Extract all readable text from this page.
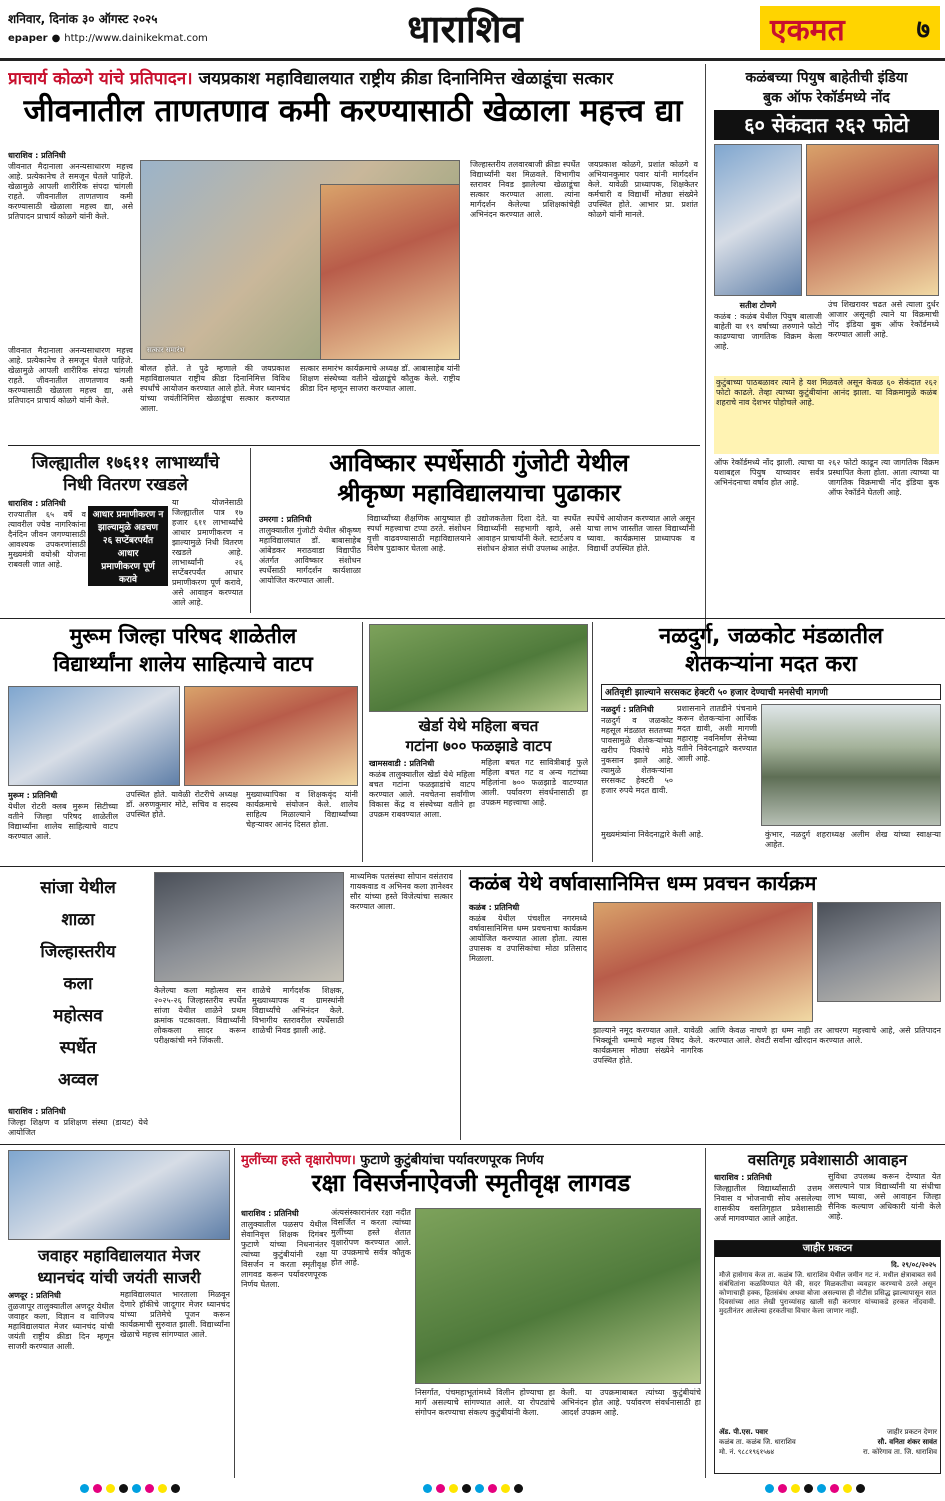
शनिवार, दिनांक ३० ऑगस्ट २०२५
epaper ● http://www.dainikekmat.com	धाराशिव	एकमत	७
प्राचार्य कोळगे यांचे प्रतिपादन। जयप्रकाश महाविद्यालयात राष्ट्रीय क्रीडा दिनानिमित्त खेळाडूंचा सत्कार
जीवनातील ताणतणाव कमी करण्यासाठी खेळाला महत्त्व द्या
धाराशिव : प्रतिनिधी
जीवनात मैदानाला अनन्यसाधारण महत्त्व आहे. प्रत्येकानेच ते समजून घेतले पाहिजे. खेळामुळे आपली शारीरिक संपदा चांगली राहते. जीवनातील ताणतणाव कमी करण्यासाठी खेळाला महत्त्व द्या, असे प्रतिपादन प्राचार्य कोळगे यांनी केले.
सत्कार समारंभ
बोलत होते. ते पुढे म्हणाले की जयप्रकाश महाविद्यालयात राष्ट्रीय क्रीडा दिनानिमित्त विविध स्पर्धांचे आयोजन करण्यात आले होते. मेजर ध्यानचंद यांच्या जयंतीनिमित्त खेळाडूंचा सत्कार करण्यात आला.
सत्कार समारंभ कार्यक्रमाचे अध्यक्ष डॉ. आबासाहेब यांनी शिक्षण संस्थेच्या वतीने खेळाडूंचे कौतुक केले. राष्ट्रीय क्रीडा दिन म्हणून साजरा करण्यात आला.
जिल्हास्तरीय तलवारबाजी क्रीडा स्पर्धेत विद्यार्थ्यांनी यश मिळवले. विभागीय स्तरावर निवड झालेल्या खेळाडूंचा सत्कार करण्यात आला. त्यांना मार्गदर्शन केलेल्या प्रशिक्षकांचेही अभिनंदन करण्यात आले.
जयप्रकाश कोळगे, प्रशांत कोळगे व अभियानकुमार पवार यांनी मार्गदर्शन केले. यावेळी प्राध्यापक, शिक्षकेतर कर्मचारी व विद्यार्थी मोठ्या संख्येने उपस्थित होते. आभार प्रा. प्रशांत कोळगे यांनी मानले.
जीवनात मैदानाला अनन्यसाधारण महत्त्व आहे. प्रत्येकानेच ते समजून घेतले पाहिजे. खेळामुळे आपली शारीरिक संपदा चांगली राहते. जीवनातील ताणतणाव कमी करण्यासाठी खेळाला महत्त्व द्या, असे प्रतिपादन प्राचार्य कोळगे यांनी केले.
कळंबच्या पियुष बाहेतीची इंडिया
बुक ऑफ रेकॉर्डमध्ये नोंद
६० सेकंदात २६२ फोटो
सतीश टोणगे
कळंब : कळंब येथील पियुष बालाजी बाहेती या १९ वर्षाच्या तरुणाने फोटो काढण्याचा जागतिक विक्रम केला आहे.
उंच शिखरावर चढत असे त्याला दुर्धर आजार असूनही त्याने या विक्रमाची नोंद इंडिया बुक ऑफ रेकॉर्डमध्ये करण्यात आली आहे.
कुटुंबाच्या पाठबळावर त्याने हे यश मिळवले असून केवळ ६० सेकंदात २६२ फोटो काढले. तेव्हा त्याच्या कुटुंबीयांना आनंद झाला. या विक्रमामुळे कळंब शहराचे नाव देशभर पोहोचले आहे.
ऑफ रेकॉर्डमध्ये नोंद झाली. त्याचा या यशाबद्दल पियुष याच्यावर सर्वत्र अभिनंदनाचा वर्षाव होत आहे.
२६२ फोटो काढून त्या जागतिक विक्रम प्रस्थापित केला होता. आता त्याच्या या जागतिक विक्रमाची नोंद इंडिया बुक ऑफ रेकॉर्डने घेतली आहे.
जिल्ह्यातील १७६११ लाभार्थ्यांचे
निधी वितरण रखडले
धाराशिव : प्रतिनिधी
राज्यातील ६५ वर्षे व त्यावरील ज्येष्ठ नागरिकांना दैनंदिन जीवन जगण्यासाठी आवश्यक उपकरणांसाठी मुख्यमंत्री वयोश्री योजना राबवली जात आहे.
आधार प्रमाणीकरण न
झाल्यामुळे अडचण
२६ सप्टेंबरपर्यंत आधार
प्रमाणीकरण पूर्ण करावे
या योजनेसाठी जिल्ह्यातील पात्र १७ हजार ६११ लाभार्थ्यांचे आधार प्रमाणीकरण न झाल्यामुळे निधी वितरण रखडले आहे. लाभार्थ्यांनी २६ सप्टेंबरपर्यंत आधार प्रमाणीकरण पूर्ण करावे, असे आवाहन करण्यात आले आहे.
आविष्कार स्पर्धेसाठी गुंजोटी येथील
श्रीकृष्ण महाविद्यालयाचा पुढाकार
उमरगा : प्रतिनिधी
तालुक्यातील गुंजोटी येथील श्रीकृष्ण महाविद्यालयात डॉ. बाबासाहेब आंबेडकर मराठवाडा विद्यापीठ अंतर्गत आविष्कार संशोधन स्पर्धेसाठी मार्गदर्शन कार्यशाळा आयोजित करण्यात आली.
विद्यार्थ्यांच्या शैक्षणिक आयुष्यात ही स्पर्धा महत्त्वाचा टप्पा ठरते. संशोधन वृत्ती वाढवण्यासाठी महाविद्यालयाने विशेष पुढाकार घेतला आहे.
उद्योजकतेला दिशा देते. या स्पर्धेत विद्यार्थ्यांनी सहभागी व्हावे, असे आवाहन प्राचार्यांनी केले. स्टार्टअप व संशोधन क्षेत्रात संधी उपलब्ध आहेत.
स्पर्धेचे आयोजन करण्यात आले असून याचा लाभ जास्तीत जास्त विद्यार्थ्यांनी घ्यावा. कार्यक्रमास प्राध्यापक व विद्यार्थी उपस्थित होते.
मुरूम जिल्हा परिषद शाळेतील
विद्यार्थ्यांना शालेय साहित्याचे वाटप
मुरूम : प्रतिनिधी
येथील रोटरी क्लब मुरूम सिटीच्या वतीने जिल्हा परिषद शाळेतील विद्यार्थ्यांना शालेय साहित्याचे वाटप करण्यात आले.
उपस्थित होते. यावेळी रोटरीचे अध्यक्ष डॉ. अरुणकुमार मोटे, सचिव व सदस्य उपस्थित होते.
मुख्याध्यापिका व शिक्षकवृंद यांनी कार्यक्रमाचे संयोजन केले. शालेय साहित्य मिळाल्याने विद्यार्थ्यांच्या चेहऱ्यावर आनंद दिसत होता.
खेर्डा येथे महिला बचत
गटांना ७०० फळझाडे वाटप
खामसवाडी : प्रतिनिधी
कळंब तालुक्यातील खेर्डा येथे महिला बचत गटांना फळझाडांचे वाटप करण्यात आले. नवचेतना सर्वांगीण विकास केंद्र व संस्थेच्या वतीने हा उपक्रम राबवण्यात आला.
महिला बचत गट सावित्रीबाई फुले महिला बचत गट व अन्य गटांच्या महिलांना ७०० फळझाडे वाटण्यात आली. पर्यावरण संवर्धनासाठी हा उपक्रम महत्त्वाचा आहे.
नळदुर्ग, जळकोट मंडळातील
शेतकऱ्यांना मदत करा
अतिवृष्टी झाल्याने सरसकट हेक्टरी ५० हजार देण्याची मनसेची मागणी
नळदुर्ग : प्रतिनिधी
नळदुर्ग व जळकोट महसूल मंडळात सततच्या पावसामुळे शेतकऱ्यांच्या खरीप पिकांचे मोठे नुकसान झाले आहे. त्यामुळे शेतकऱ्यांना सरसकट हेक्टरी ५० हजार रुपये मदत द्यावी.
प्रशासनाने तातडीने पंचनामे करून शेतकऱ्यांना आर्थिक मदत द्यावी, अशी मागणी महाराष्ट्र नवनिर्माण सेनेच्या वतीने निवेदनाद्वारे करण्यात आली आहे.
मुख्यमंत्र्यांना निवेदनाद्वारे केली आहे.	कुंभार, नळदुर्ग शहराध्यक्ष अलीम शेख यांच्या स्वाक्षऱ्या आहेत.
सांजा येथील
शाळा
जिल्हास्तरीय
कला
महोत्सव
स्पर्धेत
अव्वल
धाराशिव : प्रतिनिधी
जिल्हा शिक्षण व प्रशिक्षण संस्था (डायट) येथे आयोजित
केलेल्या कला महोत्सव सन २०२५-२६ जिल्हास्तरीय स्पर्धेत सांजा येथील शाळेने प्रथम क्रमांक पटकावला. विद्यार्थ्यांनी लोककला सादर करून परीक्षकांची मने जिंकली.
शाळेचे मार्गदर्शक शिक्षक, मुख्याध्यापक व ग्रामस्थांनी विद्यार्थ्यांचे अभिनंदन केले. विभागीय स्तरावरील स्पर्धेसाठी शाळेची निवड झाली आहे.
माध्यमिक पतसंस्था सोपान वसंतराव गायकवाड व अभिनव कला ज्ञानेश्वर सौर यांच्या हस्ते विजेत्यांचा सत्कार करण्यात आला.
कळंब येथे वर्षावासानिमित्त धम्म प्रवचन कार्यक्रम
कळंब : प्रतिनिधी
कळंब येथील पंचशील नगरमध्ये वर्षावासानिमित्त धम्म प्रवचनाचा कार्यक्रम आयोजित करण्यात आला होता. त्यास उपासक व उपासिकांचा मोठा प्रतिसाद मिळाला.
झाल्याने नमूद करण्यात आले. यावेळी भिक्खूंनी धम्माचे महत्त्व विषद केले. कार्यक्रमास मोठ्या संख्येने नागरिक उपस्थित होते.
आणि केवळ नाचणे हा धम्म नाही तर आचरण महत्त्वाचे आहे, असे प्रतिपादन करण्यात आले. शेवटी सर्वांना खीरदान करण्यात आले.
जवाहर महाविद्यालयात मेजर
ध्यानचंद यांची जयंती साजरी
अणदूर : प्रतिनिधी
तुळजापूर तालुक्यातील अणदूर येथील जवाहर कला, विज्ञान व वाणिज्य महाविद्यालयात मेजर ध्यानचंद यांची जयंती राष्ट्रीय क्रीडा दिन म्हणून साजरी करण्यात आली.
महाविद्यालयात भारताला मिळवून देणारे हॉकीचे जादूगार मेजर ध्यानचंद यांच्या प्रतिमेचे पूजन करून कार्यक्रमाची सुरुवात झाली. विद्यार्थ्यांना खेळाचे महत्त्व सांगण्यात आले.
मुलींच्या हस्ते वृक्षारोपण। फुटाणे कुटुंबीयांचा पर्यावरणपूरक निर्णय
रक्षा विसर्जनाऐवजी स्मृतीवृक्ष लागवड
धाराशिव : प्रतिनिधी
तालुक्यातील पळसप येथील सेवानिवृत्त शिक्षक दिगंबर फुटाणे यांच्या निधनानंतर त्यांच्या कुटुंबीयांनी रक्षा विसर्जन न करता स्मृतीवृक्ष लागवड करून पर्यावरणपूरक निर्णय घेतला.
अंत्यसंस्कारानंतर रक्षा नदीत विसर्जित न करता त्यांच्या मुलींच्या हस्ते शेतात वृक्षारोपण करण्यात आले. या उपक्रमाचे सर्वत्र कौतुक होत आहे.
निसर्गात, पंचमहाभूतांमध्ये विलीन होण्याचा हा मार्ग असल्याचे सांगण्यात आले. या रोपट्यांचे संगोपन करण्याचा संकल्प कुटुंबीयांनी केला.
केली. या उपक्रमाबाबत त्यांच्या कुटुंबीयांचे अभिनंदन होत आहे. पर्यावरण संवर्धनासाठी हा आदर्श उपक्रम आहे.
वसतिगृह प्रवेशासाठी आवाहन
धाराशिव : प्रतिनिधी
जिल्ह्यातील विद्यार्थ्यांसाठी उत्तम निवास व भोजनाची सोय असलेल्या शासकीय वसतिगृहात प्रवेशासाठी अर्ज मागवण्यात आले आहेत.
सुविधा उपलब्ध करून देण्यात येत असल्याने पात्र विद्यार्थ्यांनी या संधीचा लाभ घ्यावा, असे आवाहन जिल्हा सैनिक कल्याण अधिकारी यांनी केले आहे.
जाहीर प्रकटन
दि. २९/०८/२०२५
मौजे हासेगाव केज ता. कळंब जि. धाराशिव येथील जमीन गट नं. मधील क्षेत्राबाबत सर्व संबंधितांना कळविण्यात येते की, सदर मिळकतीचा व्यवहार करण्याचे ठरले असून कोणाचाही हक्क, हितसंबंध अथवा बोजा असल्यास ही नोटीस प्रसिद्ध झाल्यापासून सात दिवसांच्या आत लेखी पुराव्यांसह खाली सही करणार यांच्याकडे हरकत नोंदवावी. मुदतीनंतर आलेल्या हरकतीचा विचार केला जाणार नाही.
ॲड. पी.एस. पवार
कळंब ता. कळंब जि. धाराशिव
मो. नं. ९८८१९६१५७४
जाहीर प्रकटन देणार
सौ. वनिता शंकर सावंत
रा. कोरेगाव ता. जि. धाराशिव
